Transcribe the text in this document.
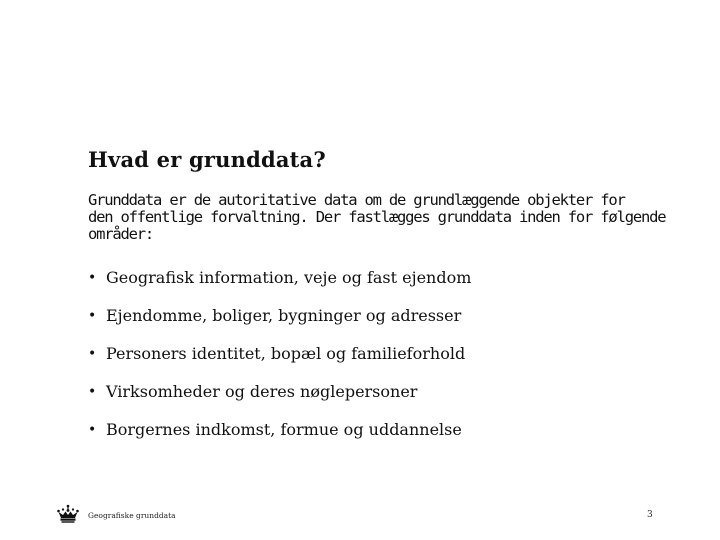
Hvad er grunddata?
Grunddata er de autoritative data om de grundlæggende objekter for
den offentlige forvaltning. Der fastlægges grunddata inden for følgende
områder:
• Geografisk information, veje og fast ejendom
• Ejendomme, boliger, bygninger og adresser
• Personers identitet, bopæl og familieforhold
• Virksomheder og deres nøglepersoner
• Borgernes indkomst, formue og uddannelse
Geografiske grunddata	3
